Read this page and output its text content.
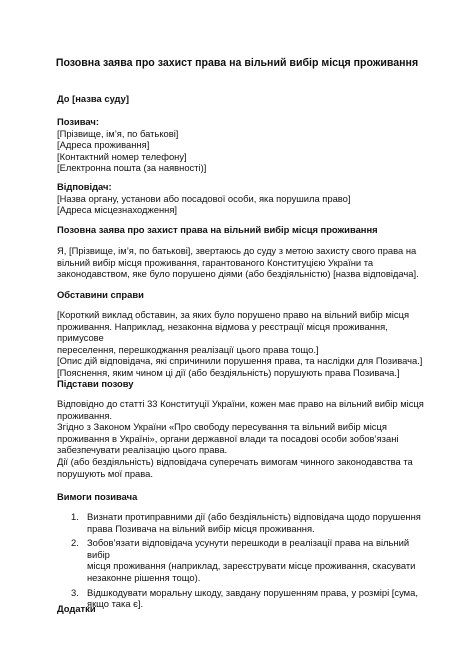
Позовна заява про захист права на вільний вибір місця проживання
До [назва суду]
Позивач:
[Прізвище, ім’я, по батькові]
[Адреса проживання]
[Контактний номер телефону]
[Електронна пошта (за наявності)]
Відповідач:
[Назва органу, установи або посадової особи, яка порушила право]
[Адреса місцезнаходження]
Позовна заява про захист права на вільний вибір місця проживання
Я, [Прізвище, ім’я, по батькові], звертаюсь до суду з метою захисту свого права на
вільний вибір місця проживання, гарантованого Конституцією України та
законодавством, яке було порушено діями (або бездіяльністю) [назва відповідача].
Обставини справи
[Короткий виклад обставин, за яких було порушено право на вільний вибір місця
проживання. Наприклад, незаконна відмова у реєстрації місця проживання, примусове
переселення, перешкоджання реалізації цього права тощо.]
[Опис дій відповідача, які спричинили порушення права, та наслідки для Позивача.]
[Пояснення, яким чином ці дії (або бездіяльність) порушують права Позивача.]
Підстави позову
Відповідно до статті 33 Конституції України, кожен має право на вільний вибір місця
проживання.
Згідно з Законом України «Про свободу пересування та вільний вибір місця
проживання в Україні», органи державної влади та посадові особи зобов’язані
забезпечувати реалізацію цього права.
Дії (або бездіяльність) відповідача суперечать вимогам чинного законодавства та
порушують мої права.
Вимоги позивача
1. Визнати протиправними дії (або бездіяльність) відповідача щодо порушення
права Позивача на вільний вибір місця проживання.
2. Зобов’язати відповідача усунути перешкоди в реалізації права на вільний вибір
місця проживання (наприклад, зареєструвати місце проживання, скасувати
незаконне рішення тощо).
3. Відшкодувати моральну шкоду, завдану порушенням права, у розмірі [сума,
якщо така є].
Додатки
